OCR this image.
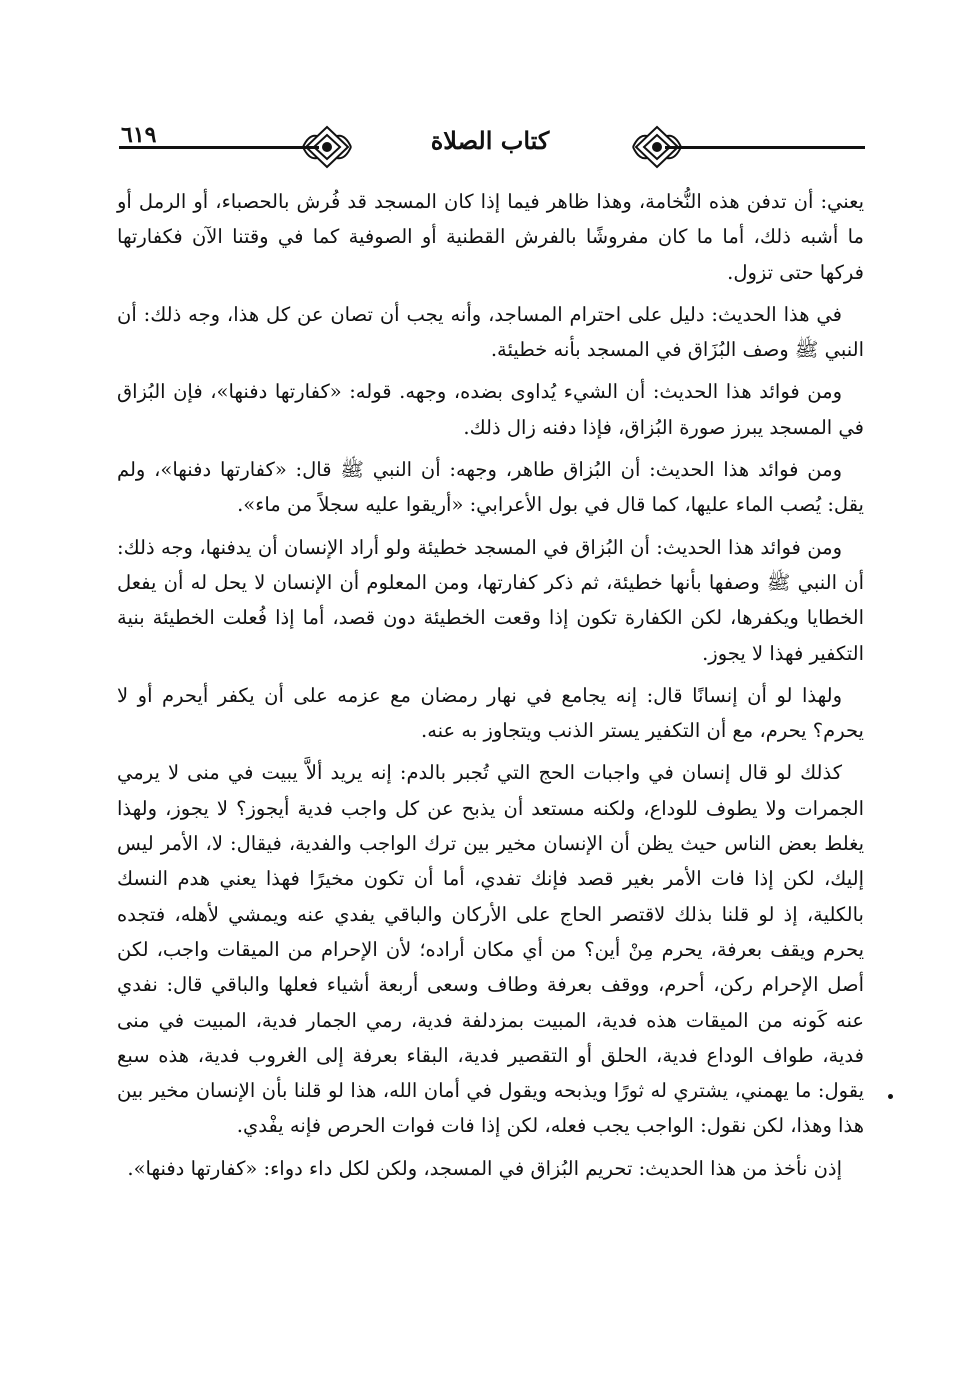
٦١٩	كتاب الصلاة

يعني: أن تدفن هذه النُّخامة، وهذا ظاهر فيما إذا كان المسجد قد فُرش بالحصباء، أو الرمل أو ما أشبه ذلك، أما ما كان مفروشًا بالفرش القطنية أو الصوفية كما في وقتنا الآن فكفارتها فركها حتى تزول.

في هذا الحديث: دليل على احترام المساجد، وأنه يجب أن تصان عن كل هذا، وجه ذلك: أن النبي ﷺ وصف البُزَاق في المسجد بأنه خطيئة.

ومن فوائد هذا الحديث: أن الشيء يُداوى بضده، وجهه. قوله: «كفارتها دفنها»، فإن البُزاق في المسجد يبرز صورة البُزاق، فإذا دفنه زال ذلك.

ومن فوائد هذا الحديث: أن البُزاق طاهر، وجهه: أن النبي ﷺ قال: «كفارتها دفنها»، ولم يقل: يُصب الماء عليها، كما قال في بول الأعرابي: «أريقوا عليه سجلاً من ماء».

ومن فوائد هذا الحديث: أن البُزاق في المسجد خطيئة ولو أراد الإنسان أن يدفنها، وجه ذلك: أن النبي ﷺ وصفها بأنها خطيئة، ثم ذكر كفارتها، ومن المعلوم أن الإنسان لا يحل له أن يفعل الخطايا ويكفرها، لكن الكفارة تكون إذا وقعت الخطيئة دون قصد، أما إذا فُعلت الخطيئة بنية التكفير فهذا لا يجوز.

ولهذا لو أن إنسانًا قال: إنه يجامع في نهار رمضان مع عزمه على أن يكفر أيحرم أو لا يحرم؟ يحرم، مع أن التكفير يستر الذنب ويتجاوز به عنه.

كذلك لو قال إنسان في واجبات الحج التي تُجبر بالدم: إنه يريد ألاَّ يبيت في منى لا يرمي الجمرات ولا يطوف للوداع، ولكنه مستعد أن يذبح عن كل واجب فدية أيجوز؟ لا يجوز، ولهذا يغلط بعض الناس حيث يظن أن الإنسان مخير بين ترك الواجب والفدية، فيقال: لا، الأمر ليس إليك، لكن إذا فات الأمر بغير قصد فإنك تفدي، أما أن تكون مخيرًا فهذا يعني هدم النسك بالكلية، إذ لو قلنا بذلك لاقتصر الحاج على الأركان والباقي يفدي عنه ويمشي لأهله، فتجده يحرم ويقف بعرفة، يحرم مِنْ أين؟ من أي مكان أراده؛ لأن الإحرام من الميقات واجب، لكن أصل الإحرام ركن، أحرم، ووقف بعرفة وطاف وسعى أربعة أشياء فعلها والباقي قال: نفدي عنه كَونه من الميقات هذه فدية، المبيت بمزدلفة فدية، رمي الجمار فدية، المبيت في منى فدية، طواف الوداع فدية، الحلق أو التقصير فدية، البقاء بعرفة إلى الغروب فدية، هذه سبع يقول: ما يهمني، يشتري له ثورًا ويذبحه ويقول في أمان الله، هذا لو قلنا بأن الإنسان مخير بين هذا وهذا، لكن نقول: الواجب يجب فعله، لكن إذا فات فوات الحرص فإنه يفْدي.

إذن نأخذ من هذا الحديث: تحريم البُزاق في المسجد، ولكن لكل داء دواء: «كفارتها دفنها».
